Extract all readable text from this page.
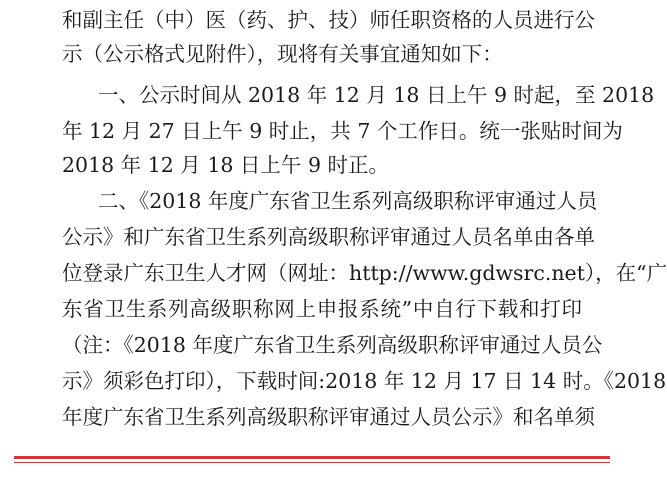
和副主任（中）医（药、护、技）师任职资格的人员进行公
示（公示格式见附件），现将有关事宜通知如下：
一、公示时间从 2018 年 12 月 18 日上午 9 时起，至 2018
年 12 月 27 日上午 9 时止，共 7 个工作日。统一张贴时间为
2018 年 12 月 18 日上午 9 时正。
二、《2018 年度广东省卫生系列高级职称评审通过人员
公示》和广东省卫生系列高级职称评审通过人员名单由各单
位登录广东卫生人才网（网址：http://www.gdwsrc.net），在“广
东省卫生系列高级职称网上申报系统”中自行下载和打印
（注：《2018 年度广东省卫生系列高级职称评审通过人员公
示》须彩色打印），下载时间:2018 年 12 月 17 日 14 时。《2018
年度广东省卫生系列高级职称评审通过人员公示》和名单须
